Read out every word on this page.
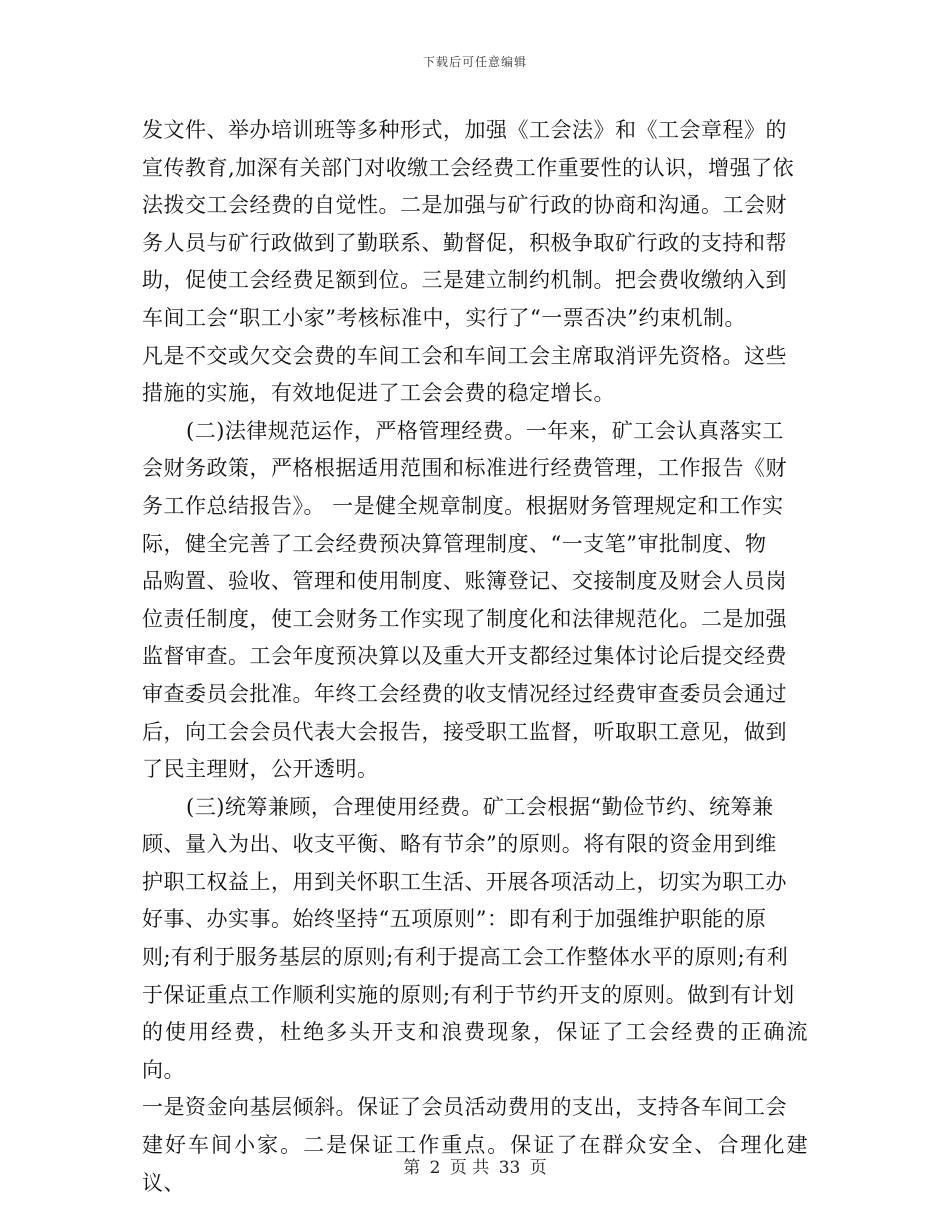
下载后可任意编辑

发文件、举办培训班等多种形式，加强《工会法》和《工会章程》的
宣传教育,加深有关部门对收缴工会经费工作重要性的认识，增强了依
法拨交工会经费的自觉性。二是加强与矿行政的协商和沟通。工会财
务人员与矿行政做到了勤联系、勤督促，积极争取矿行政的支持和帮
助，促使工会经费足额到位。三是建立制约机制。把会费收缴纳入到
车间工会“职工小家”考核标准中，实行了“一票否决”约束机制。
凡是不交或欠交会费的车间工会和车间工会主席取消评先资格。这些
措施的实施，有效地促进了工会会费的稳定增长。

(二)法律规范运作，严格管理经费。一年来，矿工会认真落实工
会财务政策，严格根据适用范围和标准进行经费管理，工作报告《财
务工作总结报告》。 一是健全规章制度。根据财务管理规定和工作实
际，健全完善了工会经费预决算管理制度、“一支笔”审批制度、物
品购置、验收、管理和使用制度、账簿登记、交接制度及财会人员岗
位责任制度，使工会财务工作实现了制度化和法律规范化。二是加强
监督审查。工会年度预决算以及重大开支都经过集体讨论后提交经费
审查委员会批准。年终工会经费的收支情况经过经费审查委员会通过
后，向工会会员代表大会报告，接受职工监督，听取职工意见，做到
了民主理财，公开透明。

(三)统筹兼顾，合理使用经费。矿工会根据“勤俭节约、统筹兼
顾、量入为出、收支平衡、略有节余”的原则。将有限的资金用到维
护职工权益上，用到关怀职工生活、开展各项活动上，切实为职工办
好事、办实事。始终坚持“五项原则”：即有利于加强维护职能的原
则;有利于服务基层的原则;有利于提高工会工作整体水平的原则;有利
于保证重点工作顺利实施的原则;有利于节约开支的原则。做到有计划
的使用经费，杜绝多头开支和浪费现象，保证了工会经费的正确流向。
一是资金向基层倾斜。保证了会员活动费用的支出，支持各车间工会
建好车间小家。二是保证工作重点。保证了在群众安全、合理化建议、

第 2 页 共 33 页
